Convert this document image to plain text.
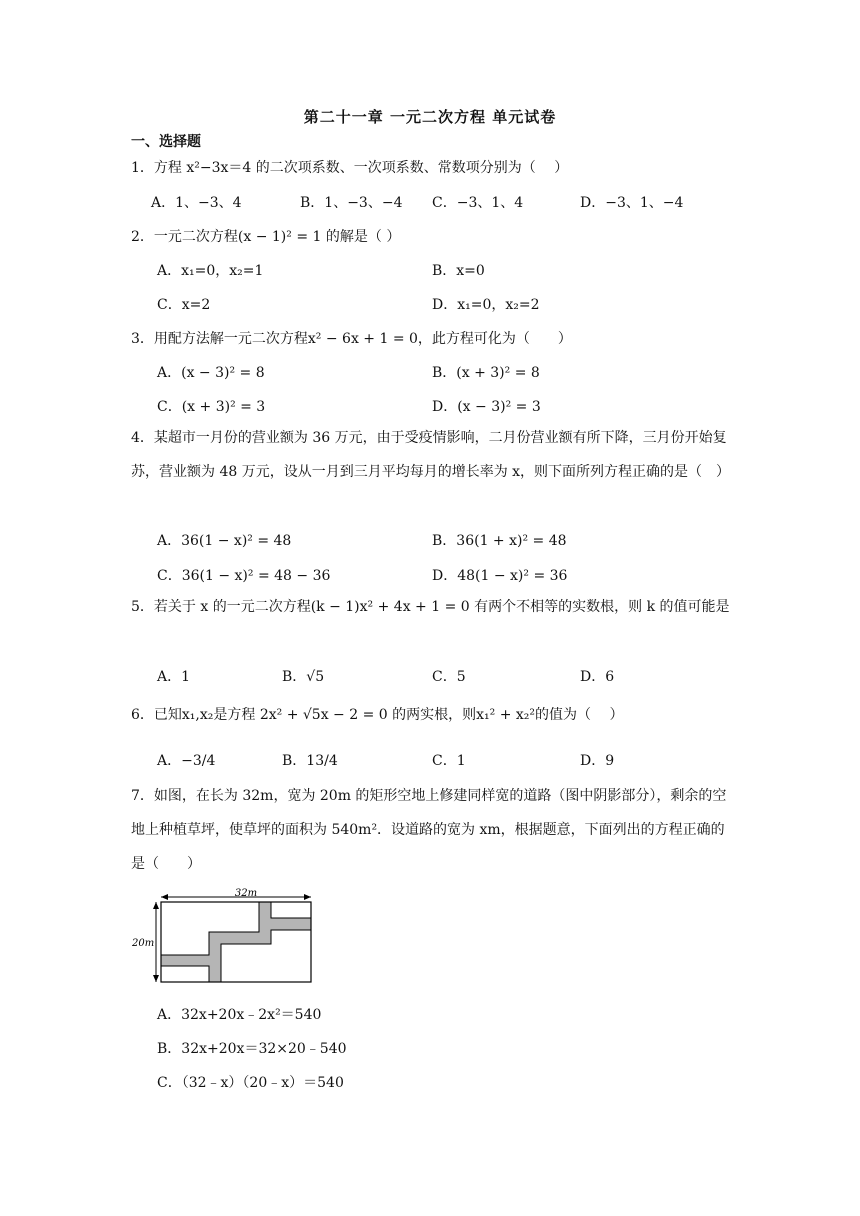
第二十一章 一元二次方程 单元试卷
一、选择题
1．方程 x²−3x＝4 的二次项系数、一次项系数、常数项分别为（　 ）
A．1、−3、4	B．1、−3、−4 C．−3、1、4	D．−3、1、−4
2．一元二次方程(x − 1)² = 1 的解是（ ）
A．x₁=0，x₂=1	B．x=0
C．x=2	D．x₁=0，x₂=2
3．用配方法解一元二次方程x² − 6x + 1 = 0，此方程可化为（　　）
A．(x − 3)² = 8	B．(x + 3)² = 8
C．(x + 3)² = 3	D．(x − 3)² = 3
4．某超市一月份的营业额为 36 万元，由于受疫情影响，二月份营业额有所下降，三月份开始复苏，营业额为 48 万元，设从一月到三月平均每月的增长率为 x，则下面所列方程正确的是（　）
A．36(1 − x)² = 48	B．36(1 + x)² = 48
C．36(1 − x)² = 48 − 36	D．48(1 − x)² = 36
5．若关于 x 的一元二次方程(k − 1)x² + 4x + 1 = 0 有两个不相等的实数根，则 k 的值可能是
A．1	B．√5	C．5	D．6
6．已知x₁,x₂是方程 2x² + √5x − 2 = 0 的两实根，则x₁² + x₂²的值为（　 ）
A．−3/4	B．13/4	C．1	D．9
7．如图，在长为 32m，宽为 20m 的矩形空地上修建同样宽的道路（图中阴影部分），剩余的空地上种植草坪，使草坪的面积为 540m²．设道路的宽为 xm，根据题意，下面列出的方程正确的是（　　）
32m
20m
A．32x+20x﹣2x²＝540
B．32x+20x＝32×20﹣540
C．（32﹣x）（20﹣x）＝540
